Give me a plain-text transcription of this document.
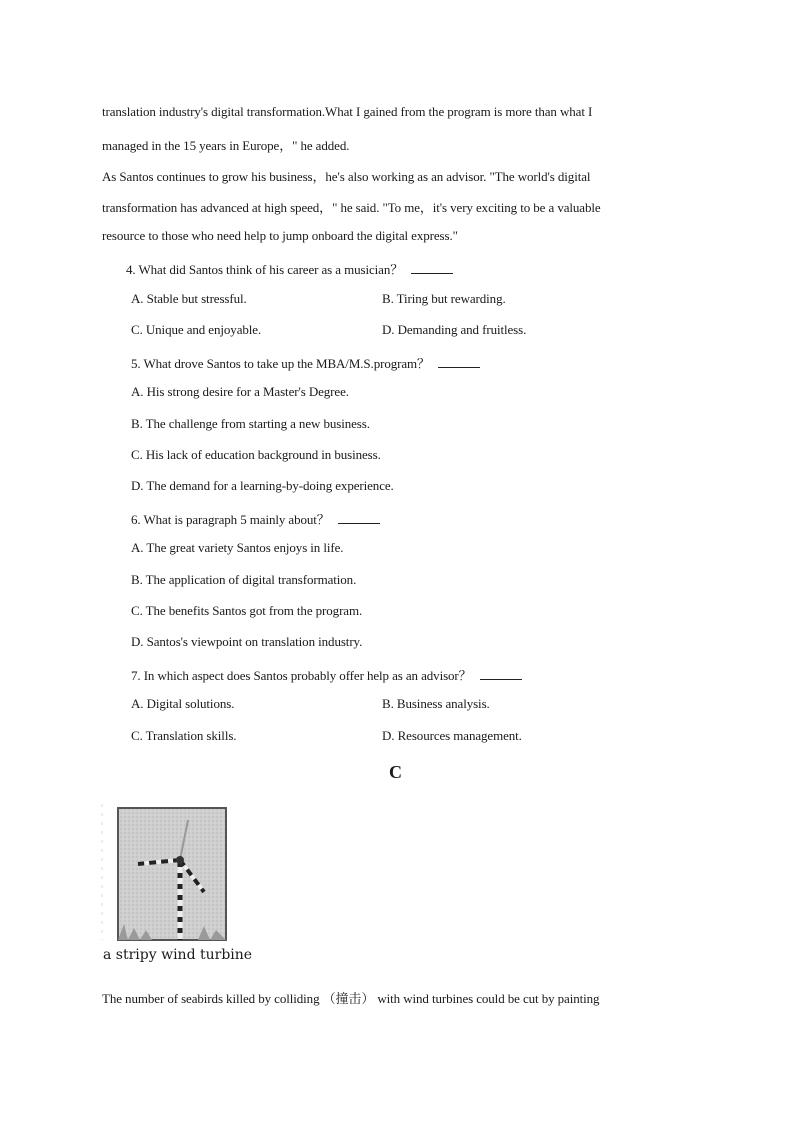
translation industry's digital transformation.What I gained from the program is more than what I
managed in the 15 years in Europe，" he added.
As Santos continues to grow his business，he's also working as an advisor. "The world's digital
transformation has advanced at high speed，" he said. "To me，it's very exciting to be a valuable
resource to those who need help to jump onboard the digital express."
4. What did Santos think of his career as a musician？
A. Stable but stressful.	B. Tiring but rewarding.
C. Unique and enjoyable.	D. Demanding and fruitless.
5. What drove Santos to take up the MBA/M.S.program？
A. His strong desire for a Master's Degree.
B. The challenge from starting a new business.
C. His lack of education background in business.
D. The demand for a learning-by-doing experience.
6. What is paragraph 5 mainly about？
A. The great variety Santos enjoys in life.
B. The application of digital transformation.
C. The benefits Santos got from the program.
D. Santos's viewpoint on translation industry.
7. In which aspect does Santos probably offer help as an advisor？
A. Digital solutions.	B. Business analysis.
C. Translation skills.	D. Resources management.
C
a stripy wind turbine
The number of seabirds killed by colliding （撞击） with wind turbines could be cut by painting
